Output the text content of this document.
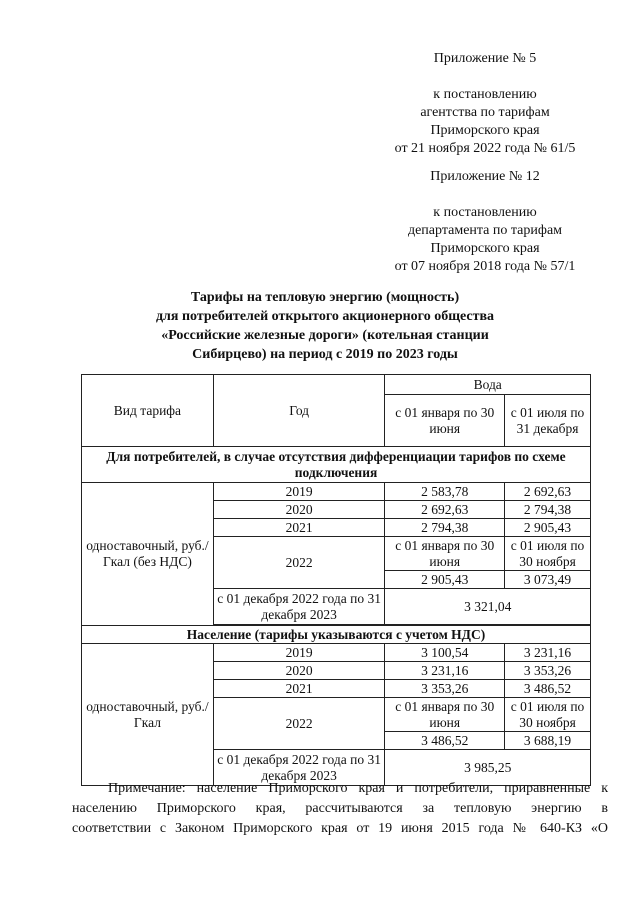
Приложение № 5
к постановлению
агентства по тарифам
Приморского края
от 21 ноября 2022 года № 61/5
Приложение № 12
к постановлению
департамента по тарифам
Приморского края
от 07 ноября 2018 года № 57/1
Тарифы на тепловую энергию (мощность)
для потребителей открытого акционерного общества
«Российские железные дороги» (котельная станции
Сибирцево) на период с 2019 по 2023 годы
Вид тарифа	Год	Вода	
		с 01 января по 30 июня	с 01 июля по 31 декабря
Для потребителей, в случае отсутствия дифференциации тарифов по схеме подключения			
одноставочный, руб./Гкал (без НДС)	2019	2 583,78	2 692,63
	2020	2 692,63	2 794,38
	2021	2 794,38	2 905,43
	2022	с 01 января по 30 июня	с 01 июля по 30 ноября
		2 905,43	3 073,49
	с 01 декабря 2022 года по 31 декабря 2023	3 321,04	

Население (тарифы указываются с учетом НДС)			
одноставочный, руб./Гкал	2019	3 100,54	3 231,16
	2020	3 231,16	3 353,26
	2021	3 353,26	3 486,52
	2022	с 01 января по 30 июня	с 01 июля по 30 ноября
		3 486,52	3 688,19
	с 01 декабря 2022 года по 31 декабря 2023	3 985,25	

Примечание: население Приморского края и потребители, приравненные к

населению Приморского края, рассчитываются за тепловую энергию в

соответствии с Законом Приморского края от 19 июня 2015 года № 640-КЗ «О
